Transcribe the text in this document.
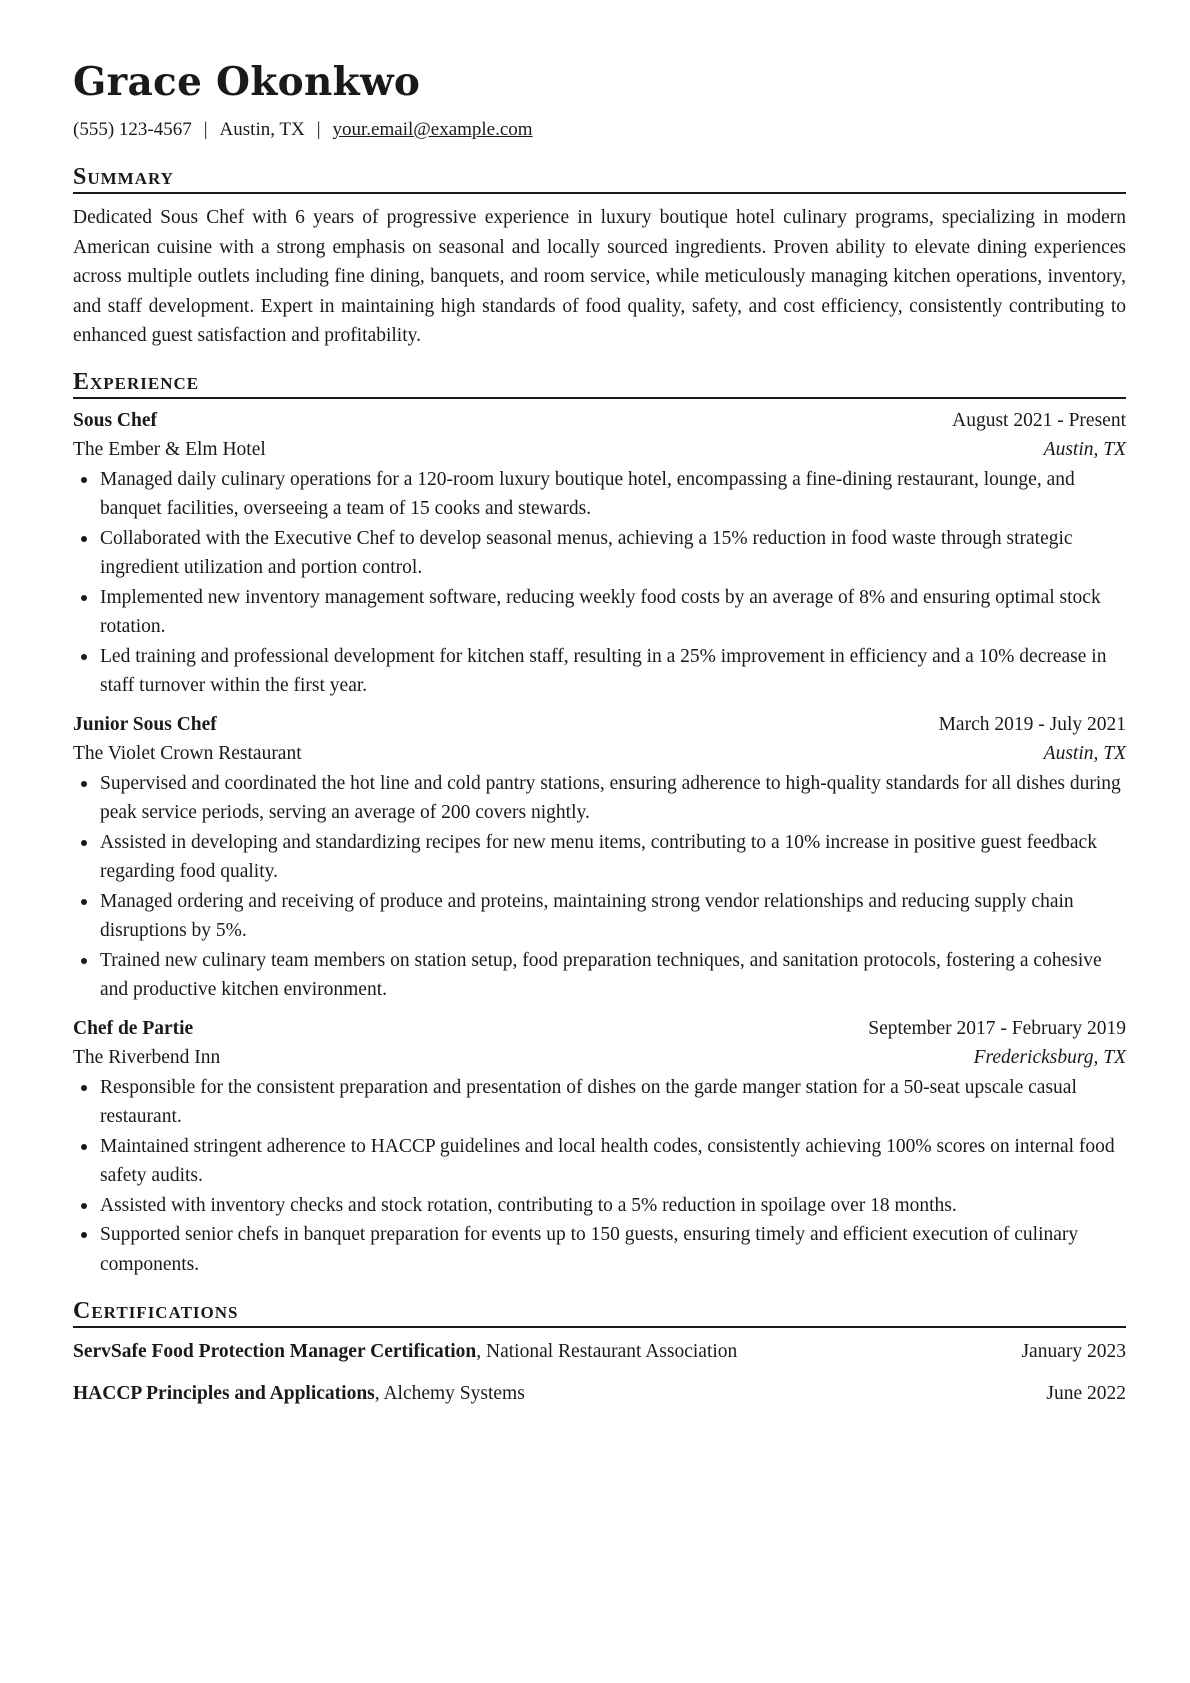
Grace Okonkwo
(555) 123-4567 | Austin, TX | your.email@example.com
Summary

Dedicated Sous Chef with 6 years of progressive experience in luxury boutique hotel culinary programs, specializing in modern American cuisine with a strong emphasis on seasonal and locally sourced ingredients. Proven ability to elevate dining experiences across multiple outlets including fine dining, banquets, and room service, while meticulously managing kitchen operations, inventory, and staff development. Expert in maintaining high standards of food quality, safety, and cost efficiency, consistently contributing to enhanced guest satisfaction and profitability.

Experience
Sous Chef	August 2021 - Present
The Ember & Elm Hotel	Austin, TX
Managed daily culinary operations for a 120-room luxury boutique hotel, encompassing a fine-dining restaurant, lounge, and banquet facilities, overseeing a team of 15 cooks and stewards.
Collaborated with the Executive Chef to develop seasonal menus, achieving a 15% reduction in food waste through strategic ingredient utilization and portion control.
Implemented new inventory management software, reducing weekly food costs by an average of 8% and ensuring optimal stock rotation.
Led training and professional development for kitchen staff, resulting in a 25% improvement in efficiency and a 10% decrease in staff turnover within the first year.
Junior Sous Chef	March 2019 - July 2021
The Violet Crown Restaurant	Austin, TX
Supervised and coordinated the hot line and cold pantry stations, ensuring adherence to high-quality standards for all dishes during peak service periods, serving an average of 200 covers nightly.
Assisted in developing and standardizing recipes for new menu items, contributing to a 10% increase in positive guest feedback regarding food quality.
Managed ordering and receiving of produce and proteins, maintaining strong vendor relationships and reducing supply chain disruptions by 5%.
Trained new culinary team members on station setup, food preparation techniques, and sanitation protocols, fostering a cohesive and productive kitchen environment.
Chef de Partie	September 2017 - February 2019
The Riverbend Inn	Fredericksburg, TX
Responsible for the consistent preparation and presentation of dishes on the garde manger station for a 50-seat upscale casual restaurant.
Maintained stringent adherence to HACCP guidelines and local health codes, consistently achieving 100% scores on internal food safety audits.
Assisted with inventory checks and stock rotation, contributing to a 5% reduction in spoilage over 18 months.
Supported senior chefs in banquet preparation for events up to 150 guests, ensuring timely and efficient execution of culinary components.
Certifications
ServSafe Food Protection Manager Certification, National Restaurant Association	January 2023
HACCP Principles and Applications, Alchemy Systems	June 2022
